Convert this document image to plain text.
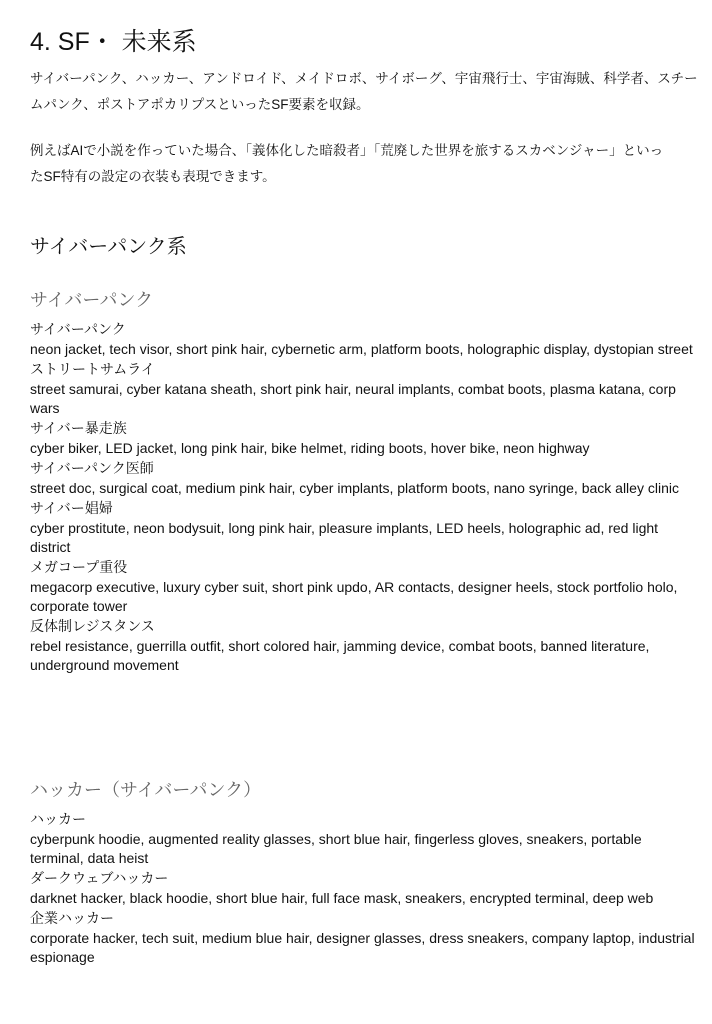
4. SF・ 未来系
サイバーパンク、ハッカー、アンドロイド、メイドロボ、サイボーグ、宇宙飛行士、宇宙海賊、科学者、スチームパンク、ポストアポカリプスといったSF要素を収録。
例えばAIで小説を作っていた場合、「義体化した暗殺者」「荒廃した世界を旅するスカベンジャー」といったSF特有の設定の衣装も表現できます。
サイバーパンク系
サイバーパンク
サイバーパンク
neon jacket, tech visor, short pink hair, cybernetic arm, platform boots, holographic display, dystopian street
ストリートサムライ
street samurai, cyber katana sheath, short pink hair, neural implants, combat boots, plasma katana, corp wars
サイバー暴走族
cyber biker, LED jacket, long pink hair, bike helmet, riding boots, hover bike, neon highway
サイバーパンク医師
street doc, surgical coat, medium pink hair, cyber implants, platform boots, nano syringe, back alley clinic
サイバー娼婦
cyber prostitute, neon bodysuit, long pink hair, pleasure implants, LED heels, holographic ad, red light district
メガコープ重役
megacorp executive, luxury cyber suit, short pink updo, AR contacts, designer heels, stock portfolio holo, corporate tower
反体制レジスタンス
rebel resistance, guerrilla outfit, short colored hair, jamming device, combat boots, banned literature, underground movement
ハッカー（サイバーパンク）
ハッカー
cyberpunk hoodie, augmented reality glasses, short blue hair, fingerless gloves, sneakers, portable terminal, data heist
ダークウェブハッカー
darknet hacker, black hoodie, short blue hair, full face mask, sneakers, encrypted terminal, deep web
企業ハッカー
corporate hacker, tech suit, medium blue hair, designer glasses, dress sneakers, company laptop, industrial espionage
